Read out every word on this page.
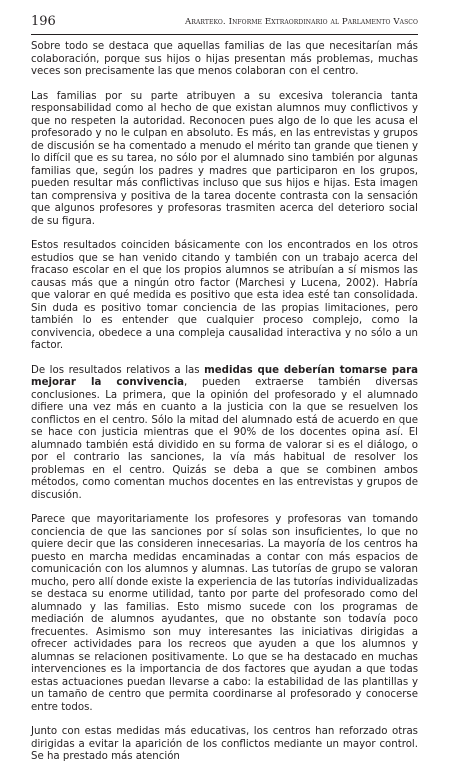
196	Ararteko. Informe Extraordinario al Parlamento Vasco

Sobre todo se destaca que aquellas familias de las que necesitarían más colaboración, porque sus hijos o hijas presentan más problemas, muchas veces son precisamente las que menos colaboran con el centro.

Las familias por su parte atribuyen a su excesiva tolerancia tanta responsabilidad como al hecho de que existan alumnos muy conflictivos y que no respeten la autoridad. Reconocen pues algo de lo que les acusa el profesorado y no le culpan en absoluto. Es más, en las entrevistas y grupos de discusión se ha comentado a menudo el mérito tan grande que tienen y lo difícil que es su tarea, no sólo por el alumnado sino también por algunas familias que, según los padres y madres que participaron en los grupos, pueden resultar más conflictivas incluso que sus hijos e hijas. Esta imagen tan comprensiva y positiva de la tarea docente contrasta con la sensación que algunos profesores y profesoras trasmiten acerca del deterioro social de su figura.

Estos resultados coinciden básicamente con los encontrados en los otros estudios que se han venido citando y también con un trabajo acerca del fracaso escolar en el que los propios alumnos se atribuían a sí mismos las causas más que a ningún otro factor (Marchesi y Lucena, 2002). Habría que valorar en qué medida es positivo que esta idea esté tan consolidada. Sin duda es positivo tomar conciencia de las propias limitaciones, pero también lo es entender que cualquier proceso complejo, como la convivencia, obedece a una compleja causalidad interactiva y no sólo a un factor.

De los resultados relativos a las medidas que deberían tomarse para mejorar la convivencia, pueden extraerse también diversas conclusiones. La primera, que la opinión del profesorado y el alumnado difiere una vez más en cuanto a la justicia con la que se resuelven los conflictos en el centro. Sólo la mitad del alumnado está de acuerdo en que se hace con justicia mientras que el 90% de los docentes opina así. El alumnado también está dividido en su forma de valorar si es el diálogo, o por el contrario las sanciones, la vía más habitual de resolver los problemas en el centro. Quizás se deba a que se combinen ambos métodos, como comentan muchos docentes en las entrevistas y grupos de discusión.

Parece que mayoritariamente los profesores y profesoras van tomando conciencia de que las sanciones por sí solas son insuficientes, lo que no quiere decir que las consideren innecesarias. La mayoría de los centros ha puesto en marcha medidas encaminadas a contar con más espacios de comunicación con los alumnos y alumnas. Las tutorías de grupo se valoran mucho, pero allí donde existe la experiencia de las tutorías individualizadas se destaca su enorme utilidad, tanto por parte del profesorado como del alumnado y las familias. Esto mismo sucede con los programas de mediación de alumnos ayudantes, que no obstante son todavía poco frecuentes. Asimismo son muy interesantes las iniciativas dirigidas a ofrecer actividades para los recreos que ayuden a que los alumnos y alumnas se relacionen positivamente. Lo que se ha destacado en muchas intervenciones es la importancia de dos factores que ayudan a que todas estas actuaciones puedan llevarse a cabo: la estabilidad de las plantillas y un tamaño de centro que permita coordinarse al profesorado y conocerse entre todos.

Junto con estas medidas más educativas, los centros han reforzado otras dirigidas a evitar la aparición de los conflictos mediante un mayor control. Se ha prestado más atención
